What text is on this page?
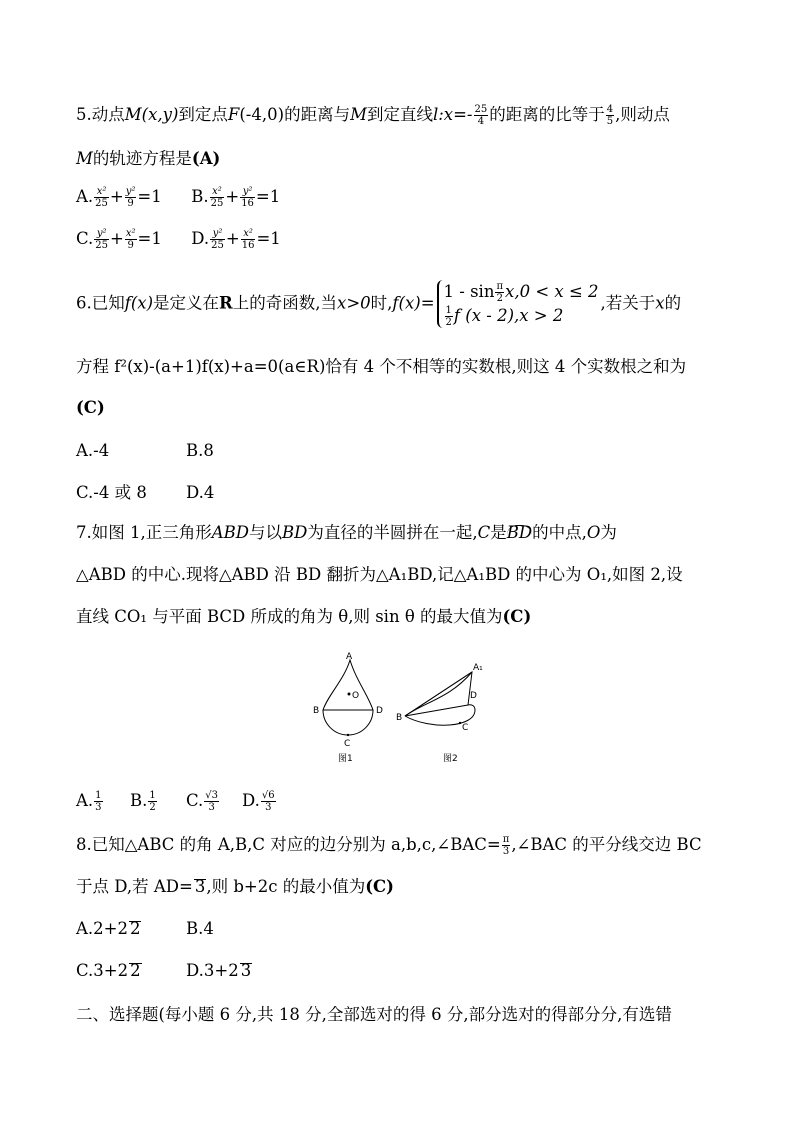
5.动点M(x,y)到定点F(-4,0)的距离与M到定直线l:x=- $\frac{25}{4}$ 的距离的比等于 $\frac{4}{5}$ ,则动点
M的轨迹方程是(A)
A. $\frac{\text{x²}}{25} + \frac{\text{y²}}{9} =1$ B. $\frac{\text{x²}}{25} + \frac{\text{y²}}{16} =1$
C. $\frac{\text{y²}}{25} + \frac{\text{x²}}{9} =1$ D. $\frac{\text{y²}}{25} + \frac{\text{x²}}{16} =1$
6.已知f(x)是定义在R上的奇函数,当x>0时,f(x)=
$1 - \sin \frac{\pi}{2} x,0 < x \le 2$
$\frac{1}{2}$ f (x - 2),x > 2
,若关于x的
方程 f²(x)-(a+1)f(x)+a=0(a∈R)恰有 4 个不相等的实数根,则这 4 个实数根之和为
(C)
A.-4	B.8
C.-4 或 8 D.4
7.如图 1,正三角形ABD与以BD为直径的半圆拼在一起,C是BD的中点,O为
△ABD 的中心.现将△ABD 沿 BD 翻折为△A₁BD,记△A₁BD 的中心为 O₁,如图 2,设
直线 CO₁ 与平面 BCD 所成的角为 θ,则 sin θ 的最大值为(C)
A
O
B	D
C
A₁
D
B
C
图1	图2
A. $\frac{1}{3} B$. $\frac{1}{2} C$. $\frac{√3}{3} D$. $\frac{√6}{3}$
8.已知△ABC 的角 A,B,C 对应的边分别为 a,b,c,∠BAC= $\frac{\pi}{3}$ ,∠BAC 的平分线交边 BC
于点 D,若 AD= 3,则 b+2c 的最小值为(C)
A.2+2 2	B.4
C.3+2 2	D.3+2 3
二、选择题(每小题 6 分,共 18 分,全部选对的得 6 分,部分选对的得部分分,有选错
